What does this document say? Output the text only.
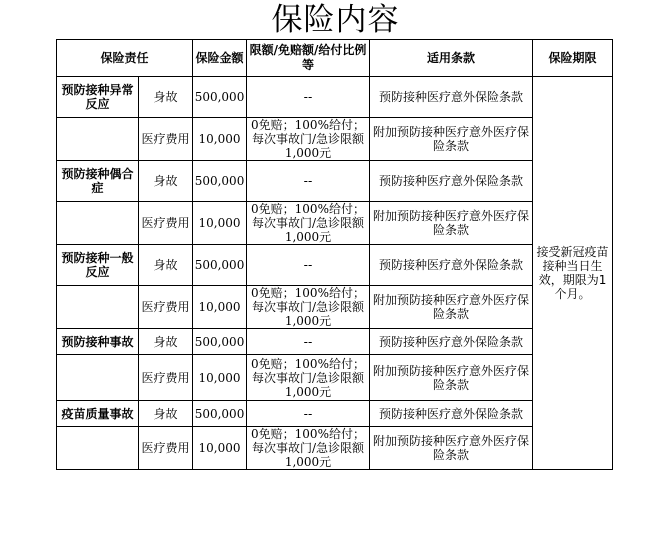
保险内容
保险责任		保险金额	限额/免赔额/给付比例等	适用条款	保险期限
预防接种异常反应	身故	500,000	--	预防接种医疗意外保险条款	接受新冠疫苗接种当日生效，期限为1个月。
	医疗费用	10,000	0免赔；100%给付；每次事故门/急诊限额1,000元	附加预防接种医疗意外医疗保险条款	
预防接种偶合症	身故	500,000	--	预防接种医疗意外保险条款	
	医疗费用	10,000	0免赔；100%给付；每次事故门/急诊限额1,000元	附加预防接种医疗意外医疗保险条款	
预防接种一般反应	身故	500,000	--	预防接种医疗意外保险条款	
	医疗费用	10,000	0免赔；100%给付；每次事故门/急诊限额1,000元	附加预防接种医疗意外医疗保险条款	
预防接种事故	身故	500,000	--	预防接种医疗意外保险条款	
	医疗费用	10,000	0免赔；100%给付；每次事故门/急诊限额1,000元	附加预防接种医疗意外医疗保险条款	
疫苗质量事故	身故	500,000	--	预防接种医疗意外保险条款	
	医疗费用	10,000	0免赔；100%给付；每次事故门/急诊限额1,000元	附加预防接种医疗意外医疗保险条款	
